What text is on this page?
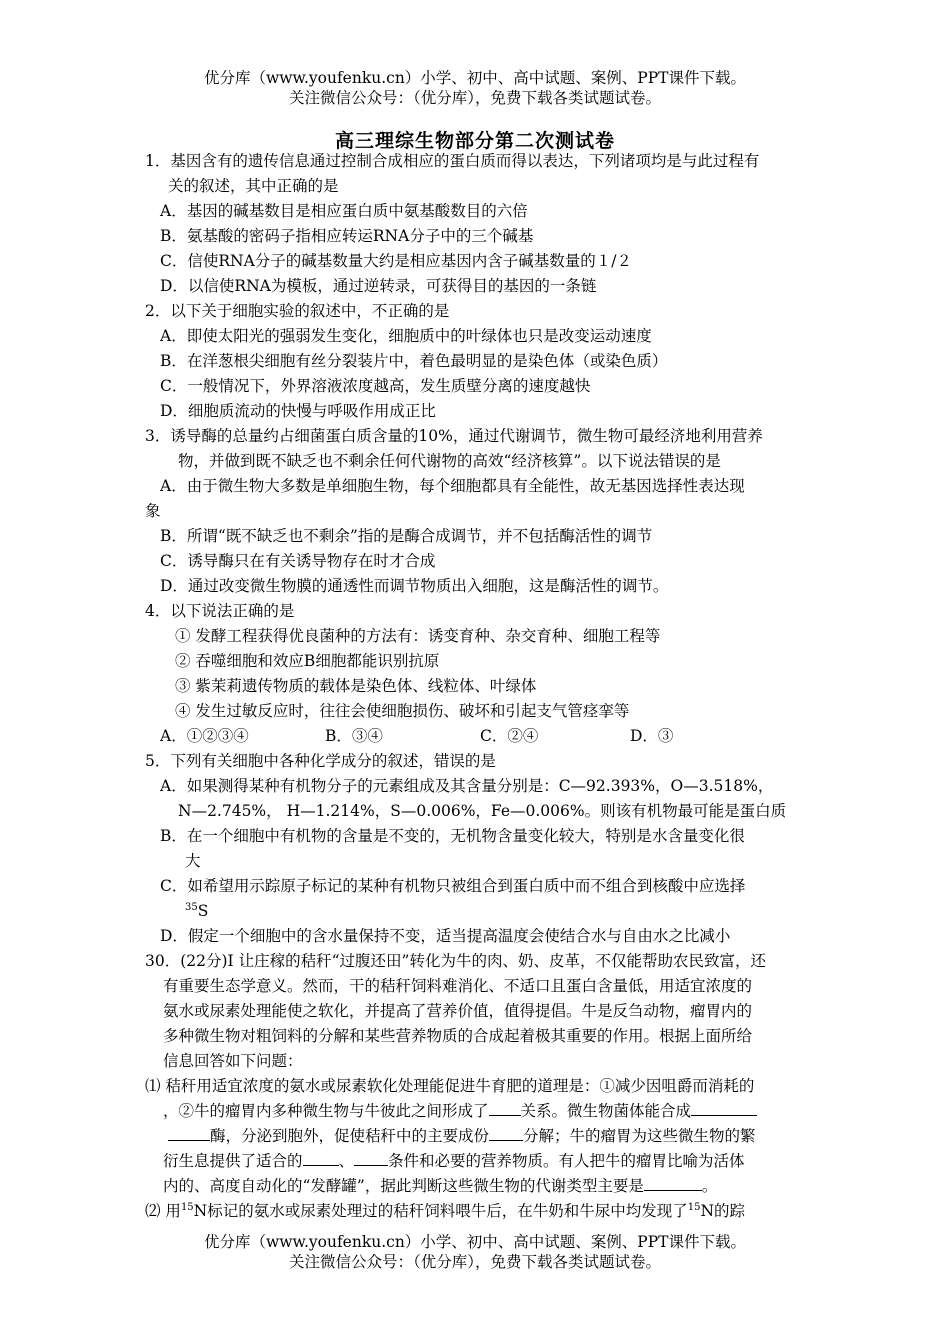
优分库（www.youfenku.cn）小学、初中、高中试题、案例、PPT课件下载。
关注微信公众号：（优分库），免费下载各类试题试卷。
高三理综生物部分第二次测试卷
1．基因含有的遗传信息通过控制合成相应的蛋白质而得以表达，下列诸项均是与此过程有
关的叙述，其中正确的是
A．基因的碱基数目是相应蛋白质中氨基酸数目的六倍
B．氨基酸的密码子指相应转运RNA分子中的三个碱基
C．信使RNA分子的碱基数量大约是相应基因内含子碱基数量的１/２
D．以信使RNA为模板，通过逆转录，可获得目的基因的一条链
2．以下关于细胞实验的叙述中，不正确的是
A．即使太阳光的强弱发生变化，细胞质中的叶绿体也只是改变运动速度
B．在洋葱根尖细胞有丝分裂装片中，着色最明显的是染色体（或染色质）
C．一般情况下，外界溶液浓度越高，发生质壁分离的速度越快
D．细胞质流动的快慢与呼吸作用成正比
3．诱导酶的总量约占细菌蛋白质含量的10%，通过代谢调节，微生物可最经济地利用营养
物，并做到既不缺乏也不剩余任何代谢物的高效“经济核算”。以下说法错误的是
A．由于微生物大多数是单细胞生物，每个细胞都具有全能性，故无基因选择性表达现
象
B．所谓“既不缺乏也不剩余”指的是酶合成调节，并不包括酶活性的调节
C．诱导酶只在有关诱导物存在时才合成
D．通过改变微生物膜的通透性而调节物质出入细胞，这是酶活性的调节。
4．以下说法正确的是
① 发酵工程获得优良菌种的方法有：诱变育种、杂交育种、细胞工程等
② 吞噬细胞和效应B细胞都能识别抗原
③ 紫茉莉遗传物质的载体是染色体、线粒体、叶绿体
④ 发生过敏反应时，往往会使细胞损伤、破坏和引起支气管痉挛等
A．①②③④	B．③④	C．②④	D．③
5．下列有关细胞中各种化学成分的叙述，错误的是
A．如果测得某种有机物分子的元素组成及其含量分别是：C—92.393%，O—3.518%，
N—2.745%， H—1.214%，S—0.006%，Fe—0.006%。则该有机物最可能是蛋白质
B．在一个细胞中有机物的含量是不变的，无机物含量变化较大，特别是水含量变化很
大
C．如希望用示踪原子标记的某种有机物只被组合到蛋白质中而不组合到核酸中应选择
$^{35}$S
D．假定一个细胞中的含水量保持不变，适当提高温度会使结合水与自由水之比减小
30．(22分)I 让庄稼的秸秆“过腹还田”转化为牛的肉、奶、皮革，不仅能帮助农民致富，还
有重要生态学意义。然而，干的秸秆饲料难消化、不适口且蛋白含量低，用适宜浓度的
氨水或尿素处理能使之软化，并提高了营养价值，值得提倡。牛是反刍动物，瘤胃内的
多种微生物对粗饲料的分解和某些营养物质的合成起着极其重要的作用。根据上面所给
信息回答如下问题：
⑴ 秸秆用适宜浓度的氨水或尿素软化处理能促进牛育肥的道理是：①减少因咀爵而消耗的
，②牛的瘤胃内多种微生物与牛彼此之间形成了 关系。微生物菌体能合成
酶，分泌到胞外，促使秸秆中的主要成份 分解；牛的瘤胃为这些微生物的繁
衍生息提供了适合的 、 条件和必要的营养物质。有人把牛的瘤胃比喻为活体
内的、高度自动化的“发酵罐”，据此判断这些微生物的代谢类型主要是	。
⑵ 用$^{15}$N标记的氨水或尿素处理过的秸秆饲料喂牛后，在牛奶和牛尿中均发现了$^{15}$N的踪
优分库（www.youfenku.cn）小学、初中、高中试题、案例、PPT课件下载。
关注微信公众号：（优分库），免费下载各类试题试卷。
